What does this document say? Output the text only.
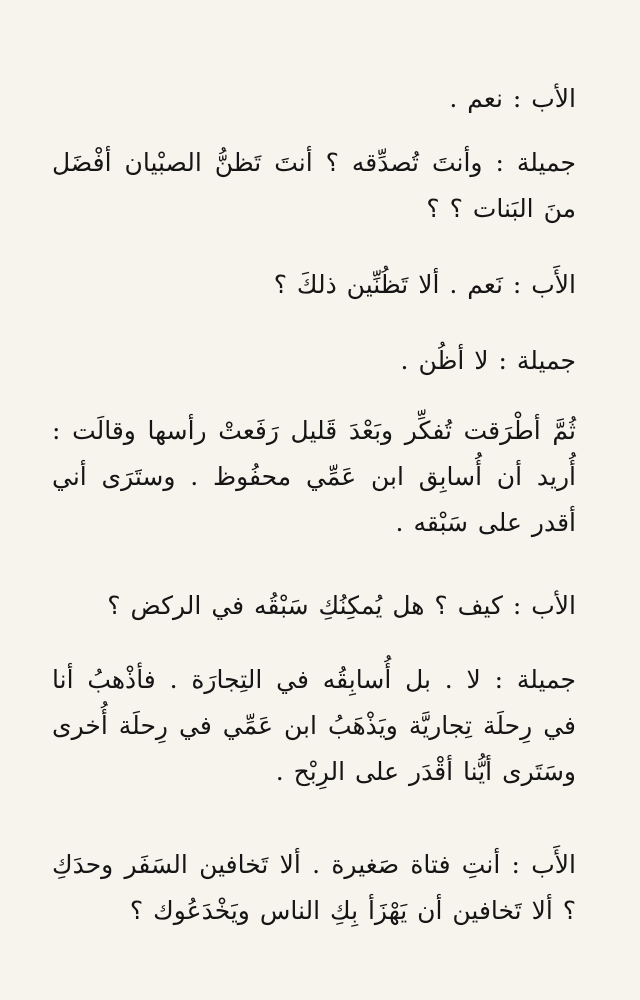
الأب : نعم .

جميلة : وأنتَ تُصدِّقه ؟ أنتَ تَظنُّ الصبْيان أفْضَل منَ البَنات ؟ ؟

الأَب : نَعم . ألا تَظُنِّين ذلكَ ؟

جميلة : لا أظُن .

ثُمَّ أطْرَقت تُفكِّر وبَعْدَ قَليل رَفَعتْ رأسها وقالَت : أُريد أن أُسابِق ابن عَمِّي محفُوظ . وستَرَى أني أقدر على سَبْقه .

الأب : كيف ؟ هل يُمكِنُكِ سَبْقُه في الركض ؟

جميلة : لا . بل أُسابِقُه في التِجارَة . فأذْهبُ أنا في رِحلَة تِجاريَّة ويَذْهَبُ ابن عَمِّي في رِحلَة أُخرى وسَتَرى أيُّنا أقْدَر على الرِبْح .

الأَب : أنتِ فتاة صَغيرة . ألا تَخافين السَفَر وحدَكِ ؟ ألا تَخافين أن يَهْزَأ بِكِ الناس ويَخْدَعُوك ؟
